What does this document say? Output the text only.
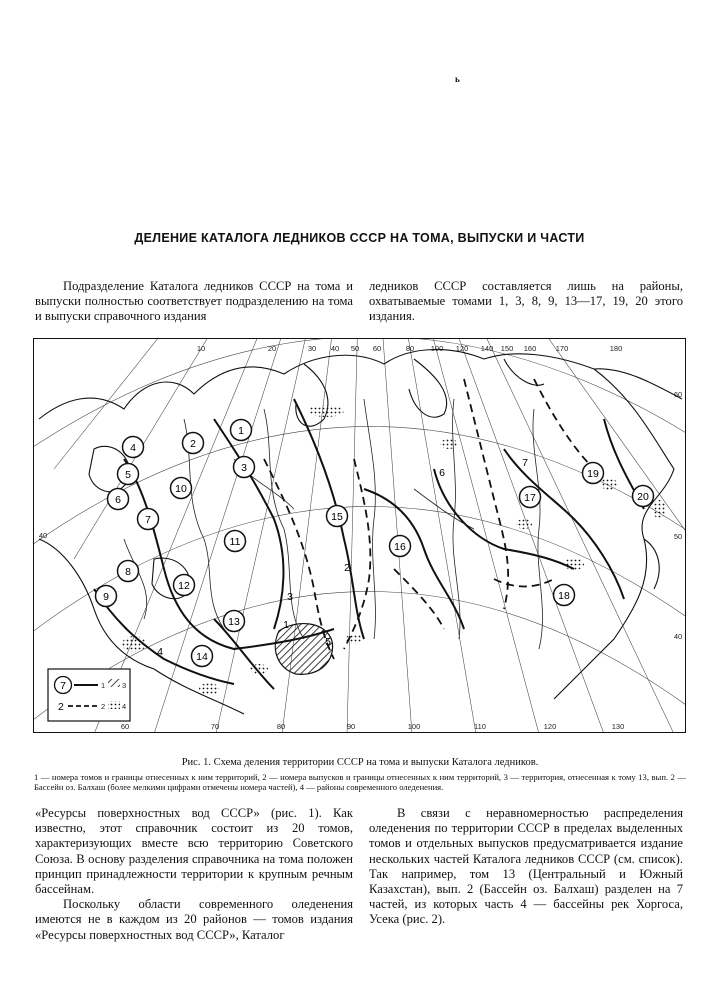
ь
ДЕЛЕНИЕ КАТАЛОГА ЛЕДНИКОВ СССР НА ТОМА, ВЫПУСКИ И ЧАСТИ

Подразделение Каталога ледников СССР на тома и выпуски полностью соответствует подразделению на тома и выпуски справочного издания

ледников СССР составляется лишь на районы, охватываемые томами 1, 3, 8, 9, 13—17, 19, 20 этого издания.

10	20	30 40 50 60	80 100 120 140 150 160	170	180
60	70	80	90	100	110	120	130
40
60
50
40
1
2
3
4
5
6
7
8
9
10
11
12
13
14
15
16
17
18
19
20
1
2
3
4
5
6
7
7	1 3
2	2 4

Рис. 1. Схема деления территории СССР на тома и выпуски Каталога ледников.

1 — номера томов и границы отнесенных к ним территорий, 2 — номера выпусков и границы отнесенных к ним территорий, 3 — территория, отнесенная к тому 13, вып. 2 — Бассейн оз. Балхаш (более мелкими цифрами отмечены номера частей), 4 — районы современного оледенения.

«Ресурсы поверхностных вод СССР» (рис. 1). Как известно, этот справочник состоит из 20 томов, характеризующих вместе всю территорию Советского Союза. В основу разделения справочника на тома положен принцип принадлежности территории к крупным речным бассейнам.

Поскольку области современного оледенения имеются не в каждом из 20 районов — томов издания «Ресурсы поверхностных вод СССР», Каталог

В связи с неравномерностью распределения оледенения по территории СССР в пределах выделенных томов и отдельных выпусков предусматривается издание нескольких частей Каталога ледников СССР (см. список). Так например, том 13 (Центральный и Южный Казахстан), вып. 2 (Бассейн оз. Балхаш) разделен на 7 частей, из которых часть 4 — бассейны рек Хоргоса, Усека (рис. 2).
